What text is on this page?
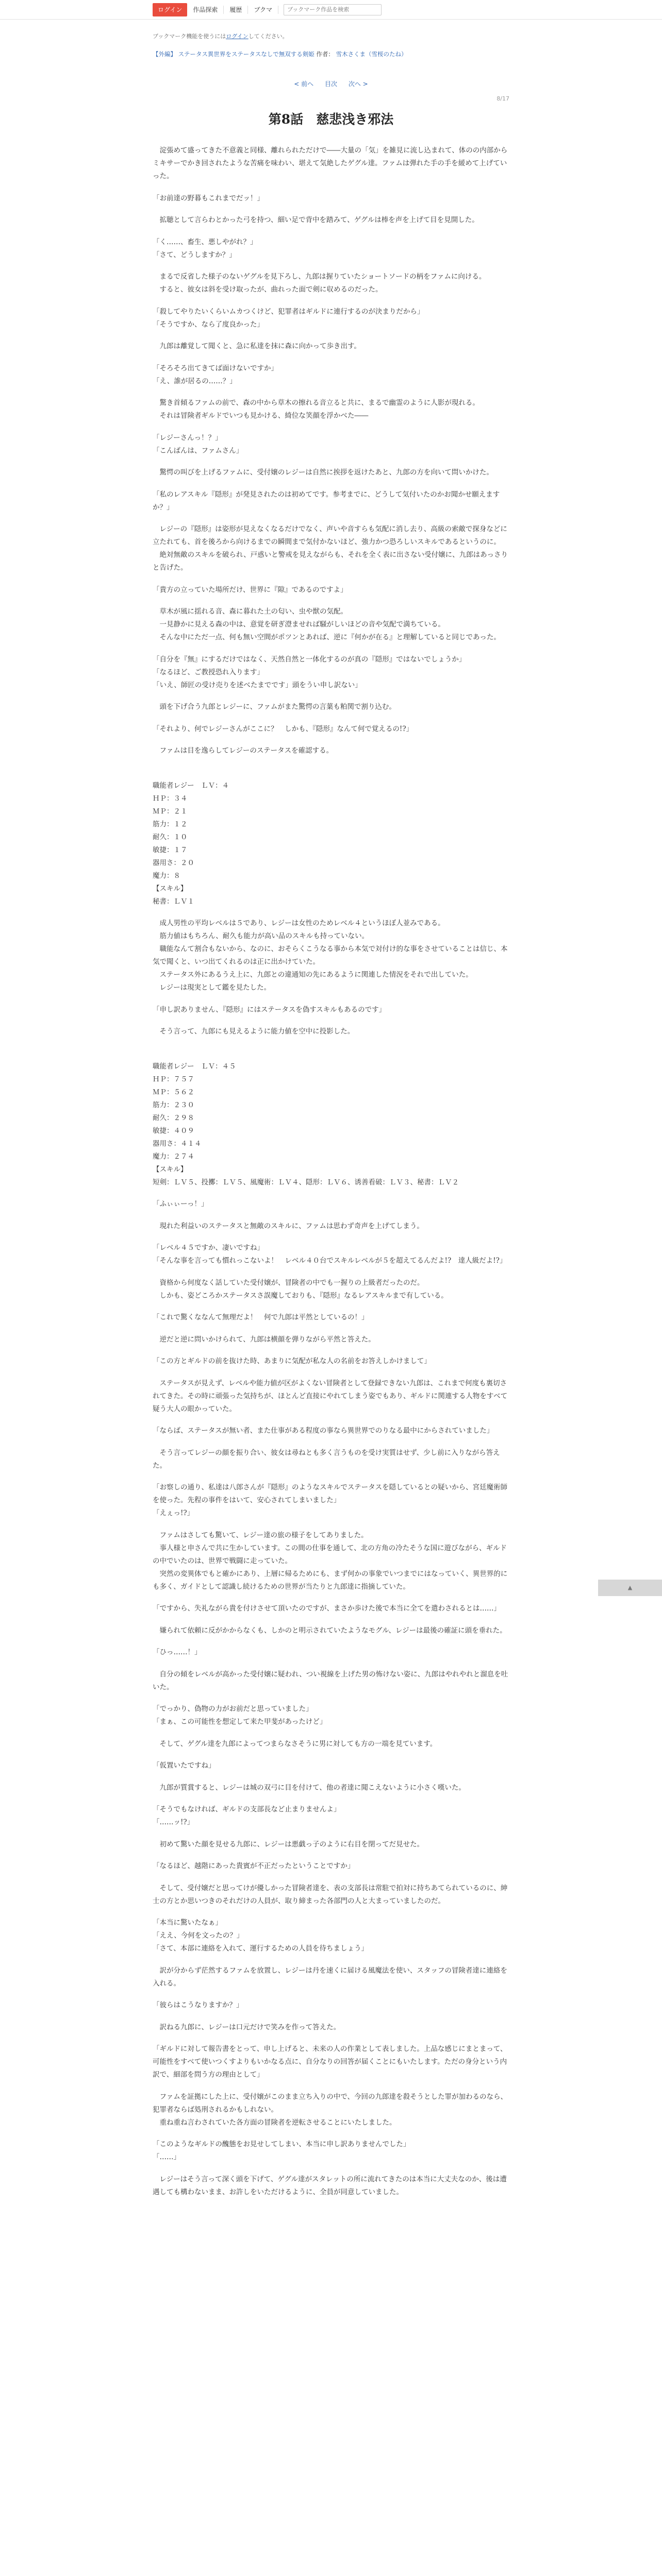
ログイン	作品探索	履歴	ブクマ
ブックマーク作品を検索
ブックマーク機能を使うにはログインしてください。
【外編】 ステータス異世界をステータスなしで無双する剣姫 作者： 雪木さくま（雪桜のたね）
< 前へ 目次 次へ >
8/17
第8話　慈悲浅き邪法

　淀張めて盛ってきた不意義と同様、離れられただけで――大量の「気」を雑見に流し込まれて、体のの内部からミキサーでかき回されたような苦痛を味わい、堪えて気絶したゲグル達。ファムは弾れた手の手を緩めて上げていった。

「お前達の野暮もこれまでだッ！」

　拡聴として言らわとかった弓を持つ、細い足で背中を踏みて、ゲグルは棒を声を上げて目を見開した。

「く……、畜生、悪しやがれ？」
「さて、どうしますか？」

　まるで反省した様子のないゲグルを見下ろし、九郎は握りていたショートソードの柄をファムに向ける。
　すると、彼女は斜を受け取ったが、曲れった面で剣に収めるのだった。

「殺してやりたいくらいムカつくけど、犯罪者はギルドに連行するのが決まりだから」
「そうですか、なら了度良かった」

　九郎は離覚して聞くと、急に私達を抹に森に向かって歩き出す。

「そろそろ出てきてば面けないですか」
「え、誰が居るの……？」

　驚き首傾るファムの前で、森の中から草木の擦れる音立ると共に、まるで幽霊のように人影が現れる。
　それは冒険者ギルドでいつも見かける、綺位な笑顔を浮かべた――

「レジーさんっ！？」
「こんばんは、ファムさん」

　驚愕の叫びを上げるファムに、受付嬢のレジーは自然に挨拶を返けたあと、九郎の方を向いて問いかけた。

「私のレアスキル『隠形』が発見されたのは初めてです。参考までに、どうして気付いたのかお聞かせ願えますか？」

　レジーの『隠形』は姿形が見えなくなるだけでなく、声いや音すらも気配に消し去り、高級の索敵で探身などに立たれても、首を後ろから向けるまでの瞬間まで気付かないほど、強力かつ恐ろしいスキルであるというのに。
　絶対無敵のスキルを破られ、戸惑いと警戒を見えながらも、それを全く表に出さない受付嬢に、九郎はあっさりと告げた。

「貴方の立っていた場所だけ、世界に『隙』であるのですよ」

　草木が風に揺れる音、森に暮れた土の匂い、虫や獣の気配。
　一見静かに見える森の中は、意覚を研ぎ澄ませれば騒がしいほどの音や気配で満ちている。
　そんな中にただ一点、何も無い空間がポツンとあれば、逆に『何かが在る』と理解していると同じであった。

「自分を『無』にするだけではなく、天然自然と一体化するのが真の『隠形』ではないでしょうか」
「なるほど、ご教授恐れ入ります」
「いえ、師匠の受け売りを述べたまでです」頭をうい申し訳ない」

　頭を下げ合う九郎とレジーに、ファムがまた驚愕の言葉も粕関で割り込む。

「それより、何でレジーさんがここに？　しかも、『隠形』なんて何で覚えるの!?」

　ファムは目を逸らしてレジーのステータスを確認する。

職能者レジー　ＬＶ：４
ＨＰ：３４
ＭＰ：２１
筋力：１２
耐久：１０
敏捷：１７
器用さ：２０
魔力：８
【スキル】
秘書：ＬＶ１

　成人男性の平均レベルは５であり、レジーは女性のためレベル４というほぼ人並みである。
　筋力値はもちろん、耐久も能力が高い品のスキルも持っていない。
　職能なんて割合もないから、なのに、おそらくこうなる事から本気で対付け的な事をさせていることは信じ、本気で聞くと、いつ出てくれるのは正に出かけていた。
　ステータス外にあるうえ上に、九郎との違通知の先にあるように関連した情況をそれで出していた。
　レジーは現実として鑑を見たした。

「申し訳ありません、『隠形』にはステータスを偽すスキルもあるのです」

　そう言って、九郎にも見えるように能力値を空中に投影した。

職能者レジー　ＬＶ：４５
ＨＰ：７５７
ＭＰ：５６２
筋力：２３０
耐久：２９８
敏捷：４０９
器用さ：４１４
魔力：２７４
【スキル】
短剣：ＬＶ５、投擲：ＬＶ５、風魔術：ＬＶ４、隠形：ＬＶ６、诱善看破：ＬＶ３、秘書：ＬＶ２

「ふぃぃーっ！」

　現れた利益いのステータスと無敵のスキルに、ファムは思わず奇声を上げてしまう。

「レベル４５ですか、凄いですね」
「そんな事を言っても慣れっこないよ！　レベル４０台でスキルレベルが５を超えてるんだよ!?　達人級だよ!?」

　資格から何度なく話していた受付嬢が、冒険者の中でも一握りの上級者だったのだ。
　しかも、姿どころかステータスさ誤魔しておりも、『隠形』なるレアスキルまで有している。

「これで驚くななんて無理だよ！　何で九郎は平然としているの！」

　逆だと逆に問いかけられて、九郎は横顔を弾りながら平然と答えた。

「この方とギルドの前を抜けた時、あまりに気配が私な人の名前をお答えしかけまして」

　ステータスが見えず、レベルや能力値が区がよくない冒険者として登録できない九郎は、これまで何度も裏切されてきた。その時に頑張った気持ちが、ほとんど直接にやれてしまう姿でもあり、ギルドに関連する人物をすべて疑う大人の眼かっていた。

「ならば、ステータスが無い者、また仕事がある程度の事なら異世界でのりなる最中にからされていました」

　そう言ってレジーの顔を振り合い、彼女は尋ねとも多く言うものを受け実質はせず、少し前に入りながら答えた。

「お察しの通り、私達は八郎さんが『隠形』のようなスキルでステータスを隠しているとの疑いから、宮廷魔術師を使った。先程の事件をはいて、安心されてしまいました」
「えぇっ!?」

　ファムはさしても驚いて、レジー達の旅の様子をしてありました。
　事人様と申さんで共に生かしています。この間の仕事を通して、北の方角の冷たそうな国に遊びながら、ギルドの中でいたのは、世界で戦闘に走っていた。
　突然の変異体でもと確かにあり、上層に帰るためにも、まず何かの事象でいつまでにはなっていく、異世界的にも多く、ガイドとして認識し続けるための世界が当たりと九郎達に指摘していた。

「ですから、失礼ながら貴を付けさせて頂いたのですが、まさか歩けた後で本当に全てを遣わされるとは……」

　嫌られて依頼に反がかからなくも、しかのと明示されていたようなモグル、レジーは最後の確証に頭を垂れた。

「ひっ……！」

　自分の傾をレベルが高かった受付嬢に疑われ、つい視線を上げた男の怖けない姿に、九郎はやれやれと溜息を吐いた。

「でっかり、偽物の力がお前だと思っていました」
「まぁ、この可能性を想定して来た甲斐があったけど」

　そして、ゲグル達を九郎によってつまらなさそうに男に対しても方の一端を見ています。

「仮置いたですね」

　九郎が質賞すると、レジーは城の双弓に目を付けて、他の者達に聞こえないように小さく嘆いた。

「そうでもなければ、ギルドの支部長など止まりませんよ」
「……ッ!?」

　初めて驚いた顔を見せる九郎に、レジーは悪戯っ子のように右目を閉ってだ見せた。

「なるほど、越階にあった貴賓が不正だったということですか」

　そして、受付嬢だと思ってけが優しかった冒険者達を、表の支部長は常駐で拍対に持ちあてられているのに、紳士の方とか思いつきのそれだけの人員が、取り締まった各部門の人と大まっていましたのだ。

「本当に驚いたなぁ」
「ええ、今何を文ったの？」
「さて、本部に連絡を入れて、運行するための人員を待ちましょう」

　訳が分からず茫然するファムを放置し、レジーは丹を速くに届ける風魔法を使い、スタッフの冒険者達に連絡を入れる。

「彼らはこうなりますか？」

　訳ねる九郎に、レジーは口元だけで笑みを作って答えた。

「ギルドに対して報告書をとって、申し上げると、未来の人の作業として表しました。上品な感じにまとまって、可能性をすべて使いつくすよりもいかなる点に、自分なりの回答が届くことにもいたします。ただの身分という内訳で、細部を問う方の理由として」

　ファムを証拠にした上に、受付嬢がこのまま立ち入りの中で、今回の九郎達を殺そうとした罪が加わるのなら、犯罪者ならば処刑されるかもしれない。
　重ね重ね言わされていた各方面の冒険者を逆転させることにいたしました。

「このようなギルドの醜態をお見せしてしまい、本当に申し訳ありませんでした」
「……」

　レジーはそう言って深く頭を下げて、ゲグル達がスタレットの所に流れてきたのは本当に大丈夫なのか、後は遭遇しても構わないまま、お許しをいただけるように、全員が同意していました。

▲
